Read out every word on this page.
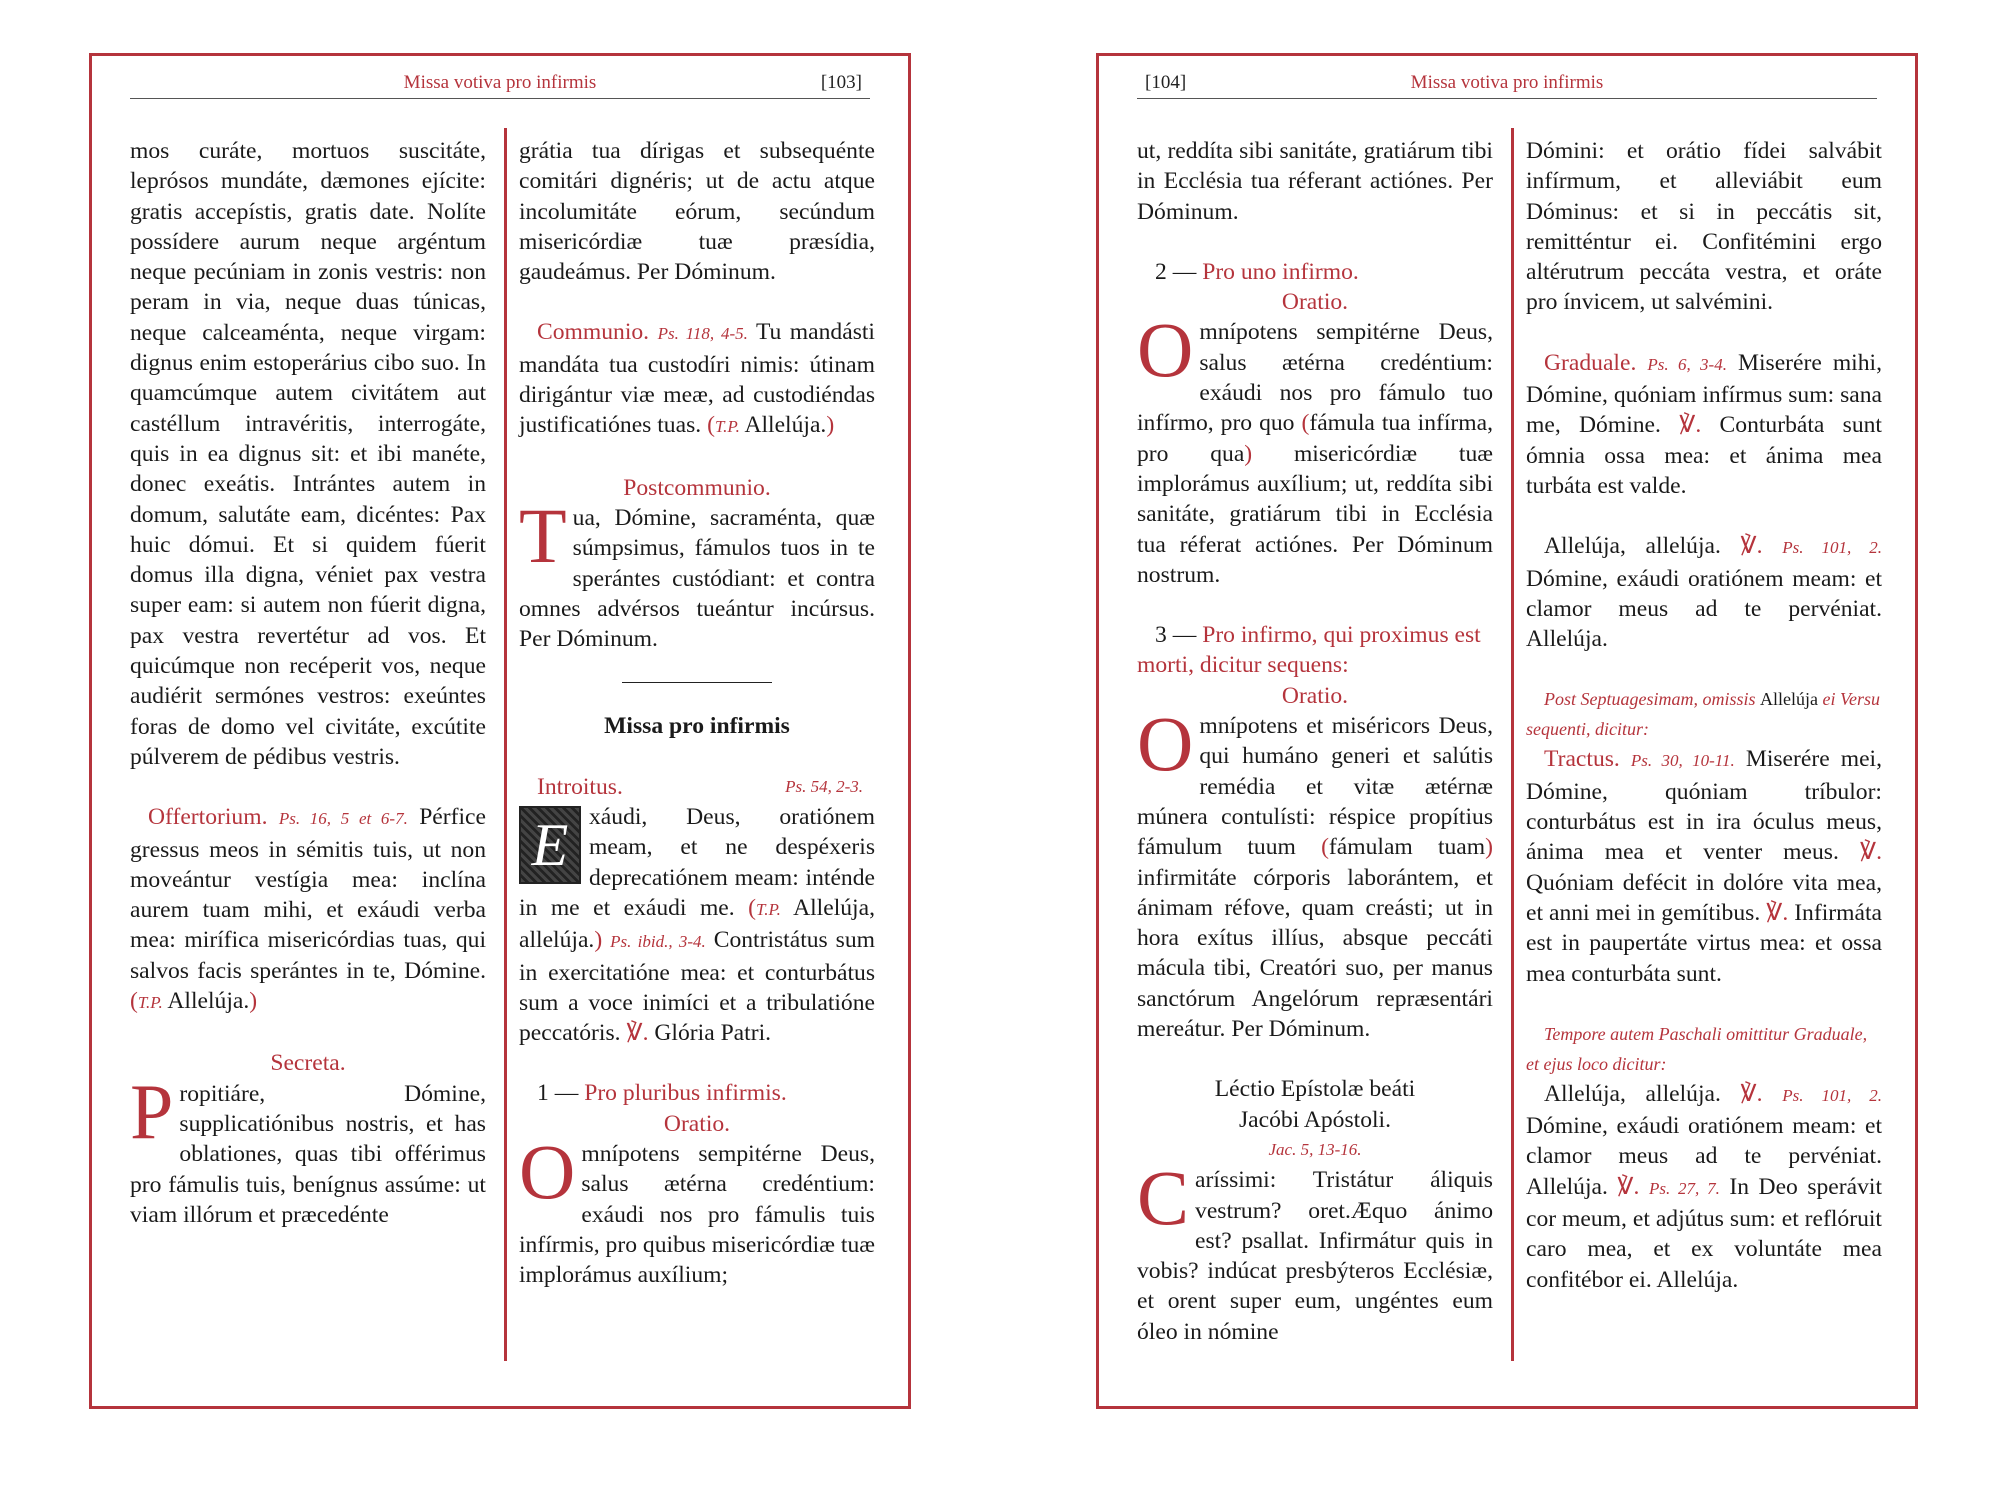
Missa votiva pro infirmis	[103]

mos curáte, mortuos suscitáte, leprósos mundáte, dæmones ejícite: gratis accepístis, gratis date. Nolíte possídere aurum neque argéntum neque pecúniam in zonis vestris: non peram in via, neque duas túnicas, neque calceaménta, neque virgam: dignus enim estoperárius cibo suo. In quamcúmque autem civitátem aut castéllum intravéritis, interrogáte, quis in ea dignus sit: et ibi manéte, donec exeátis. Intrántes autem in domum, salutáte eam, dicéntes: Pax huic dómui. Et si quidem fúerit domus illa digna, véniet pax vestra super eam: si autem non fúerit digna, pax vestra revertétur ad vos. Et quicúmque non recéperit vos, neque audiérit sermónes vestros: exeúntes foras de domo vel civitáte, excútite púlverem de pédibus vestris.

Offertorium. Ps. 16, 5 et 6-7. Pérfice gressus meos in sémitis tuis, ut non moveántur vestígia mea: inclína aurem tuam mihi, et exáudi verba mea: mirífica misericórdias tuas, qui salvos facis sperántes in te, Dómine. (T.P. Allelúja.)

Secreta.

P ropitiáre, Dómine, supplicatiónibus nostris, et has oblationes, quas tibi offérimus pro fámulis tuis, benígnus assúme: ut viam illórum et præcedénte

grátia tua dírigas et subsequénte comitári dignéris; ut de actu atque incolumitáte eórum, secúndum misericórdiæ tuæ præsídia, gaudeámus. Per Dóminum.

Communio. Ps. 118, 4-5. Tu mandásti mandáta tua custodíri nimis: útinam dirigántur viæ meæ, ad custodiéndas justificatiónes tuas. (T.P. Allelúja.)

Postcommunio.

T ua, Dómine, sacraménta, quæ súmpsimus, fámulos tuos in te sperántes custódiant: et contra omnes advérsos tueántur incúrsus. Per Dóminum.

Missa pro infirmis

Introitus.	Ps. 54, 2-3.

E xáudi, Deus, oratiónem meam, et ne despéxeris deprecatiónem meam: inténde in me et exáudi me. (T.P. Allelúja, allelúja.) Ps. ibid., 3-4. Contristátus sum in exercitatióne mea: et conturbátus sum a voce inimíci et a tribulatióne peccatóris. ℣. Glória Patri.

1 — Pro pluribus infirmis.

Oratio.

O mnípotens sempitérne Deus, salus ætérna credéntium: exáudi nos pro fámulis tuis infírmis, pro quibus misericórdiæ tuæ implorámus auxílium;
[104]	Missa votiva pro infirmis

ut, reddíta sibi sanitáte, gratiárum tibi in Ecclésia tua réferant actiónes. Per Dóminum.

2 — Pro uno infirmo.

Oratio.

O mnípotens sempitérne Deus, salus ætérna credéntium: exáudi nos pro fámulo tuo infírmo, pro quo (fámula tua infírma, pro qua) misericórdiæ tuæ implorámus auxílium; ut, reddíta sibi sanitáte, gratiárum tibi in Ecclésia tua réferat actiónes. Per Dóminum nostrum.

3 — Pro infirmo, qui proximus est morti, dicitur sequens:

Oratio.

O mnípotens et miséricors Deus, qui humáno generi et salútis remédia et vitæ ætérnæ múnera contulísti: réspice propítius fámulum tuum (fámulam tuam) infirmitáte córporis laborántem, et ánimam réfove, quam creásti; ut in hora exítus illíus, absque peccáti mácula tibi, Creatóri suo, per manus sanctórum Angelórum repræsentári mereátur. Per Dóminum.

Léctio Epístolæ beáti

Jacóbi Apóstoli.

Jac. 5, 13-16.

C aríssimi: Tristátur áliquis vestrum? oret.Æquo ánimo est? psallat. Infirmátur quis in vobis? indúcat presbýteros Ecclésiæ, et orent super eum, ungéntes eum óleo in nómine

Dómini: et orátio fídei salvábit infírmum, et alleviábit eum Dóminus: et si in peccátis sit, remitténtur ei. Confitémini ergo altérutrum peccáta vestra, et oráte pro ínvicem, ut salvémini.

Graduale. Ps. 6, 3-4. Miserére mihi, Dómine, quóniam infírmus sum: sana me, Dómine. ℣. Conturbáta sunt ómnia ossa mea: et ánima mea turbáta est valde.

Allelúja, allelúja. ℣. Ps. 101, 2. Dómine, exáudi oratiónem meam: et clamor meus ad te pervéniat. Allelúja.

Post Septuagesimam, omissis Allelúja ei Versu sequenti, dicitur:

Tractus. Ps. 30, 10-11. Miserére mei, Dómine, quóniam tríbulor: conturbátus est in ira óculus meus, ánima mea et venter meus. ℣. Quóniam defécit in dolóre vita mea, et anni mei in gemítibus. ℣. Infirmáta est in paupertáte virtus mea: et ossa mea conturbáta sunt.

Tempore autem Paschali omittitur Graduale, et ejus loco dicitur:

Allelúja, allelúja. ℣. Ps. 101, 2. Dómine, exáudi oratiónem meam: et clamor meus ad te pervéniat. Allelúja. ℣. Ps. 27, 7. In Deo sperávit cor meum, et adjútus sum: et reflóruit caro mea, et ex voluntáte mea confitébor ei. Allelúja.
